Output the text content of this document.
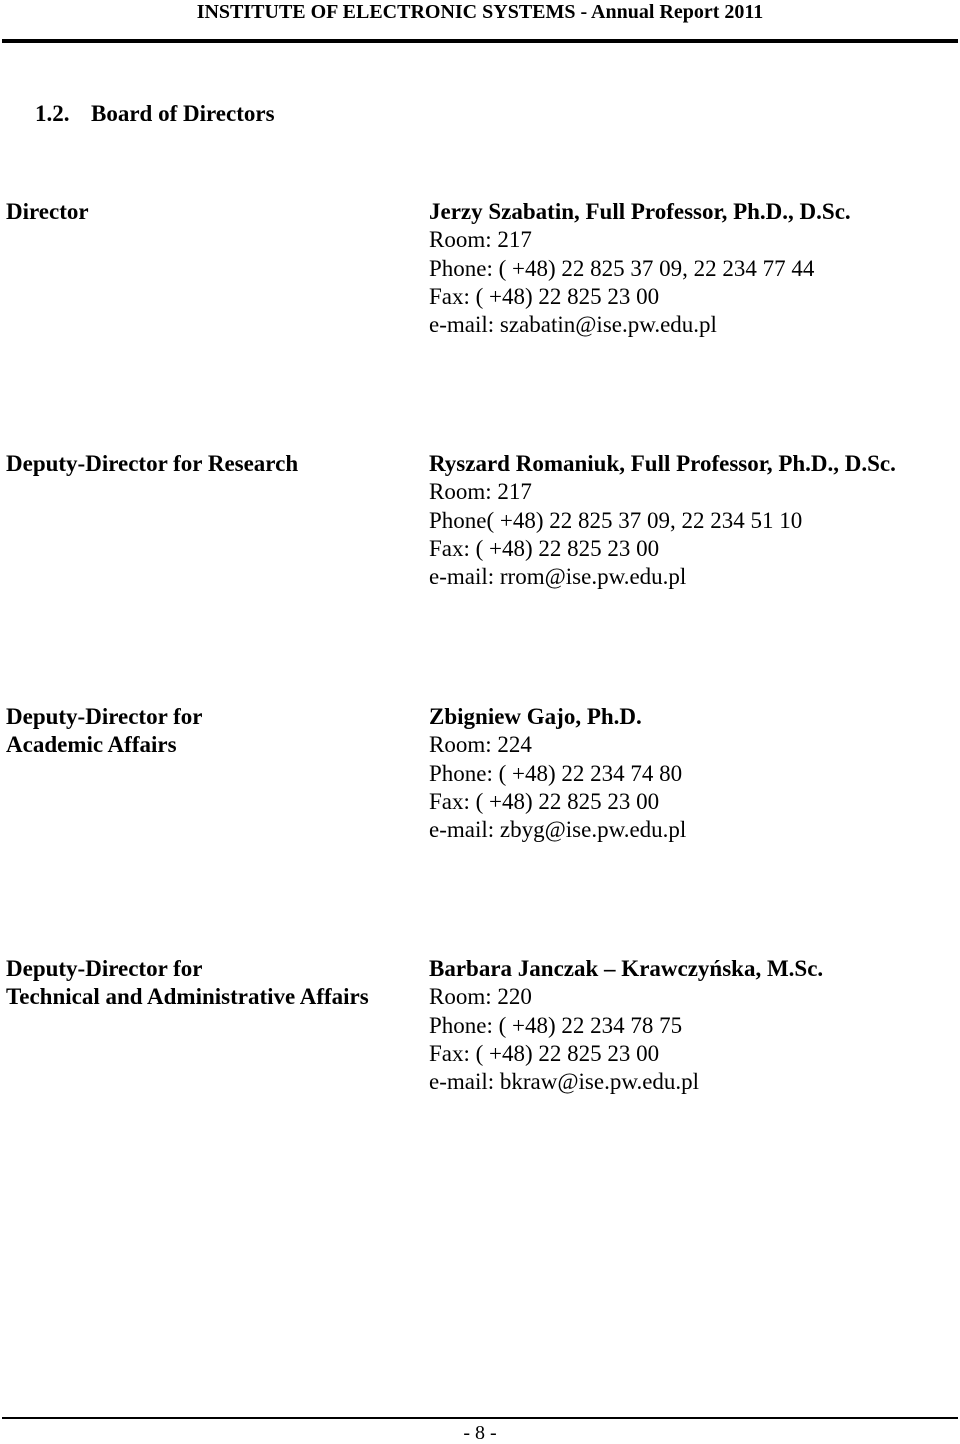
INSTITUTE OF ELECTRONIC SYSTEMS - Annual Report 2011
1.2. Board of Directors
Director	Jerzy Szabatin, Full Professor, Ph.D., D.Sc.
Room: 217
Phone: ( +48) 22 825 37 09, 22 234 77 44
Fax: ( +48) 22 825 23 00
e-mail: szabatin@ise.pw.edu.pl
Deputy-Director for Research	Ryszard Romaniuk, Full Professor, Ph.D., D.Sc.
Room: 217
Phone( +48) 22 825 37 09, 22 234 51 10
Fax: ( +48) 22 825 23 00
e-mail: rrom@ise.pw.edu.pl
Deputy-Director for
Academic Affairs
Zbigniew Gajo, Ph.D.
Room: 224
Phone: ( +48) 22 234 74 80
Fax: ( +48) 22 825 23 00
e-mail: zbyg@ise.pw.edu.pl
Deputy-Director for
Technical and Administrative Affairs
Barbara Janczak – Krawczyńska, M.Sc.
Room: 220
Phone: ( +48) 22 234 78 75
Fax: ( +48) 22 825 23 00
e-mail: bkraw@ise.pw.edu.pl
- 8 -
